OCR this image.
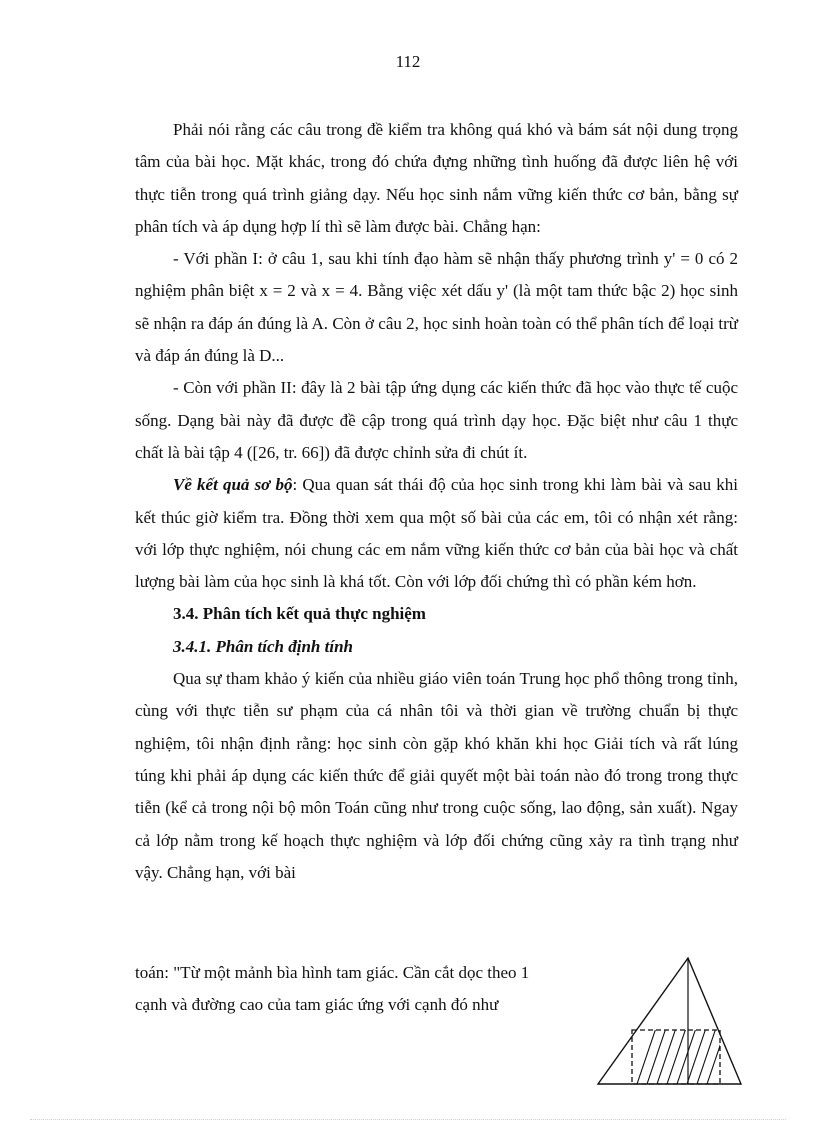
112

Phải nói rằng các câu trong đề kiểm tra không quá khó và bám sát nội dung trọng tâm của bài học. Mặt khác, trong đó chứa đựng những tình huống đã được liên hệ với thực tiễn trong quá trình giảng dạy. Nếu học sinh nắm vững kiến thức cơ bản, bằng sự phân tích và áp dụng hợp lí thì sẽ làm được bài. Chẳng hạn:

- Với phần I: ở câu 1, sau khi tính đạo hàm sẽ nhận thấy phương trình y' = 0 có 2 nghiệm phân biệt x = 2 và x = 4. Bằng việc xét dấu y' (là một tam thức bậc 2) học sinh sẽ nhận ra đáp án đúng là A. Còn ở câu 2, học sinh hoàn toàn có thể phân tích để loại trừ và đáp án đúng là D...

- Còn với phần II: đây là 2 bài tập ứng dụng các kiến thức đã học vào thực tế cuộc sống. Dạng bài này đã được đề cập trong quá trình dạy học. Đặc biệt như câu 1 thực chất là bài tập 4 ([26, tr. 66]) đã được chỉnh sửa đi chút ít.

Về kết quả sơ bộ: Qua quan sát thái độ của học sinh trong khi làm bài và sau khi kết thúc giờ kiểm tra. Đồng thời xem qua một số bài của các em, tôi có nhận xét rằng: với lớp thực nghiệm, nói chung các em nắm vững kiến thức cơ bản của bài học và chất lượng bài làm của học sinh là khá tốt. Còn với lớp đối chứng thì có phần kém hơn.

3.4. Phân tích kết quả thực nghiệm
3.4.1. Phân tích định tính

Qua sự tham khảo ý kiến của nhiều giáo viên toán Trung học phổ thông trong tỉnh, cùng với thực tiễn sư phạm của cá nhân tôi và thời gian về trường chuẩn bị thực nghiệm, tôi nhận định rằng: học sinh còn gặp khó khăn khi học Giải tích và rất lúng túng khi phải áp dụng các kiến thức để giải quyết một bài toán nào đó trong trong thực tiễn (kể cả trong nội bộ môn Toán cũng như trong cuộc sống, lao động, sản xuất). Ngay cả lớp nằm trong kế hoạch thực nghiệm và lớp đối chứng cũng xảy ra tình trạng như vậy. Chẳng hạn, với bài

toán: "Từ một mảnh bìa hình tam giác. Cần cắt dọc theo 1

cạnh và đường cao của tam giác ứng với cạnh đó như
